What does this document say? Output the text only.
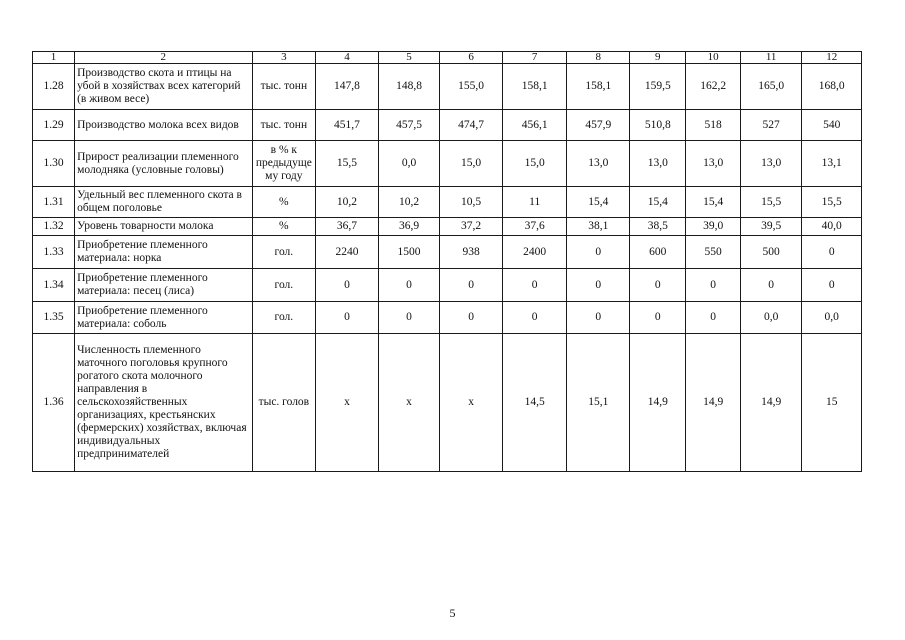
1	2	3	4	5	6	7	8	9	10	11	12
1.28	Производство скота и птицы на убой в хозяйствах всех категорий (в живом весе)	тыс. тонн	147,8	148,8	155,0	158,1	158,1	159,5	162,2	165,0	168,0
1.29	Производство молока всех видов	тыс. тонн	451,7	457,5	474,7	456,1	457,9	510,8	518	527	540
1.30	Прирост реализации племенного молодняка (условные головы)	в % к предыдуще му году	15,5	0,0	15,0	15,0	13,0	13,0	13,0	13,0	13,1
1.31	Удельный вес племенного скота в общем поголовье	%	10,2	10,2	10,5	11	15,4	15,4	15,4	15,5	15,5
1.32	Уровень товарности молока	%	36,7	36,9	37,2	37,6	38,1	38,5	39,0	39,5	40,0
1.33	Приобретение племенного материала: норка	гол.	2240	1500	938	2400	0	600	550	500	0
1.34	Приобретение племенного материала: песец (лиса)	гол.	0	0	0	0	0	0	0	0	0
1.35	Приобретение племенного материала: соболь	гол.	0	0	0	0	0	0	0	0,0	0,0
1.36	Численность племенного маточного поголовья крупного рогатого скота молочного направления в сельскохозяйственных организациях, крестьянских (фермерских) хозяйствах, включая индивидуальных предпринимателей	тыс. голов	х	х	х	14,5	15,1	14,9	14,9	14,9	15
5
